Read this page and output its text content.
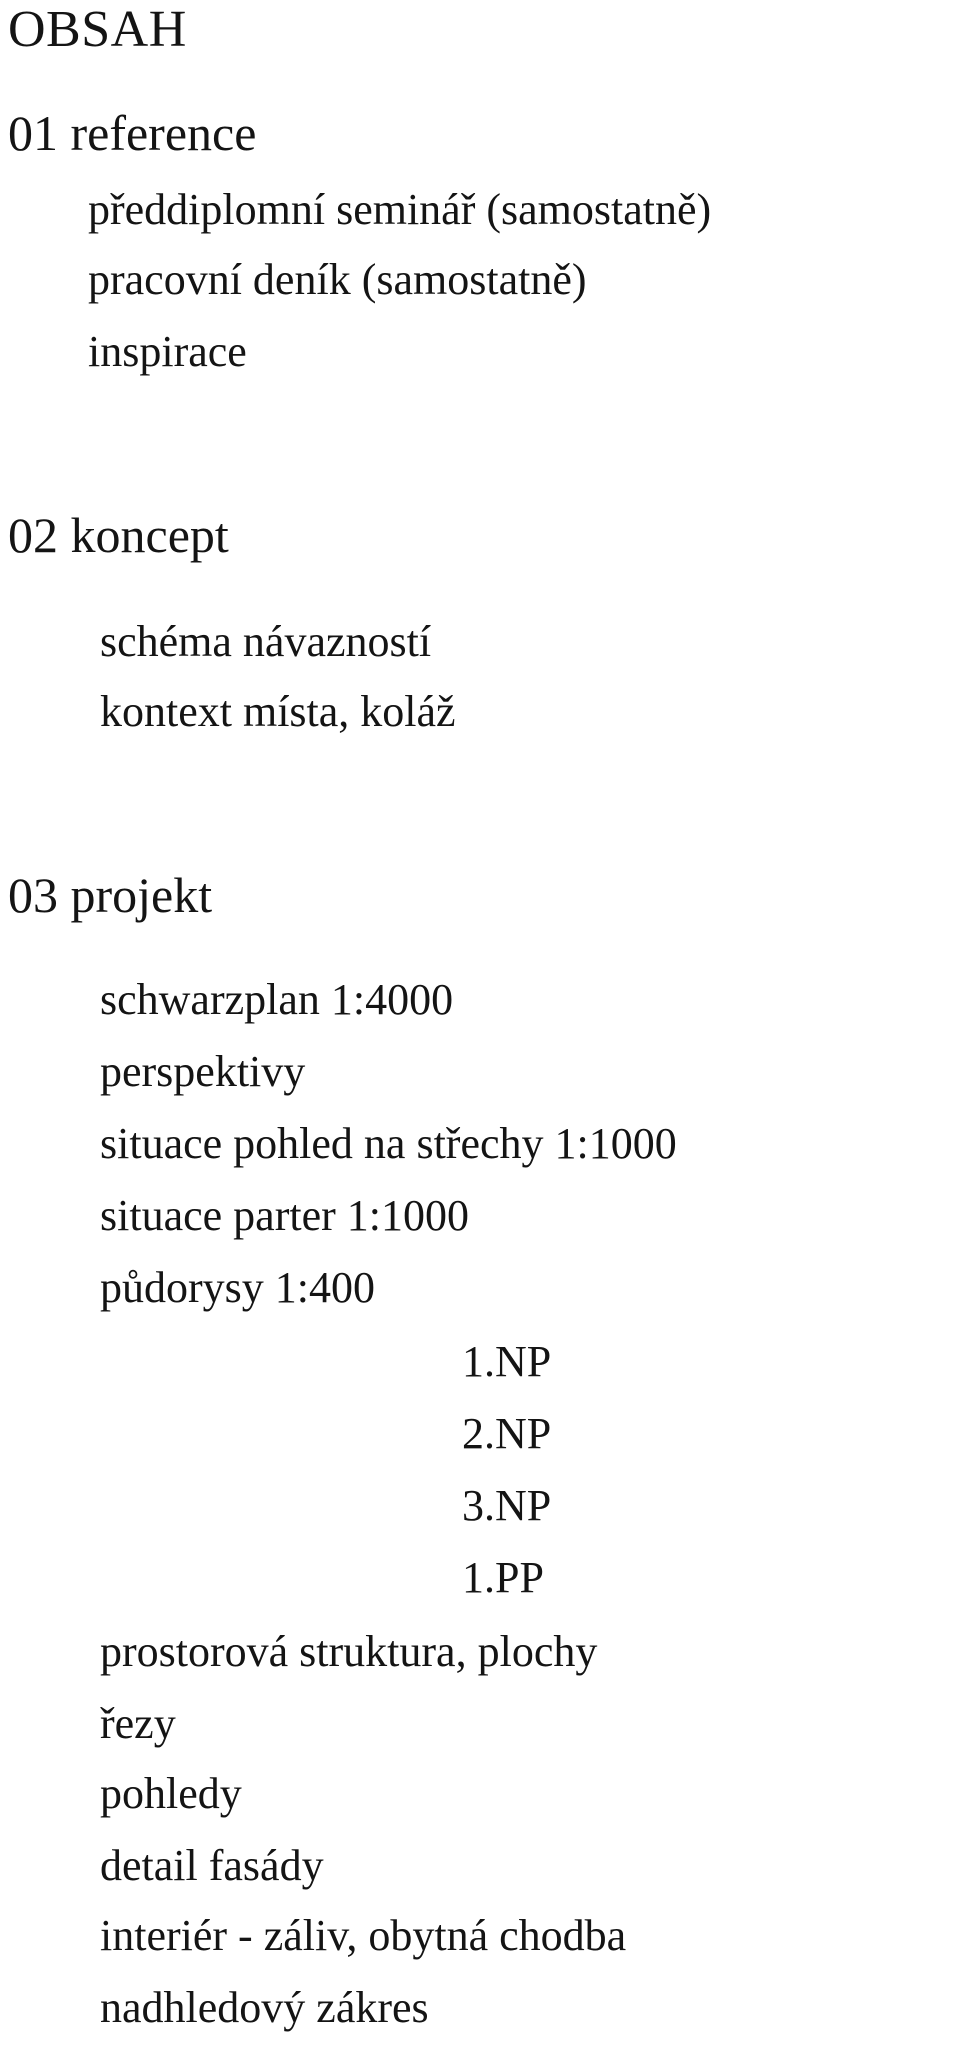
OBSAH
01 reference
předdiplomní seminář (samostatně)
pracovní deník (samostatně)
inspirace
02 koncept
schéma návazností
kontext místa, koláž
03 projekt
schwarzplan 1:4000
perspektivy
situace pohled na střechy 1:1000
situace parter 1:1000
půdorysy 1:400
1.NP
2.NP
3.NP
1.PP
prostorová struktura, plochy
řezy
pohledy
detail fasády
interiér - záliv, obytná chodba
nadhledový zákres
